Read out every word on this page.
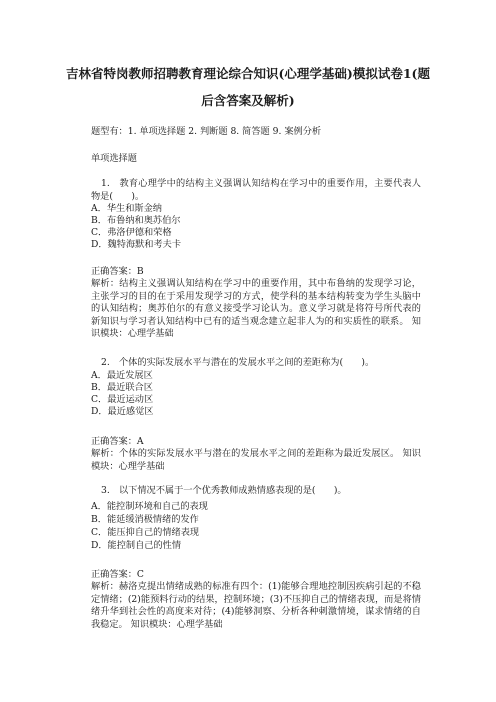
吉林省特岗教师招聘教育理论综合知识(心理学基础)模拟试卷1(题
后含答案及解析)
题型有：1. 单项选择题 2. 判断题 8. 简答题 9. 案例分析
单项选择题
1.　教育心理学中的结构主义强调认知结构在学习中的重要作用，主要代表人物是(　　)。
A．华生和斯金纳
B．布鲁纳和奥苏伯尔
C．弗洛伊德和荣格
D．魏特海默和考夫卡
正确答案：B
解析：结构主义强调认知结构在学习中的重要作用，其中布鲁纳的发现学习论，主张学习的目的在于采用发现学习的方式，使学科的基本结构转变为学生头脑中的认知结构；奥苏伯尔的有意义接受学习论认为。意义学习就是将符号所代表的新知识与学习者认知结构中已有的适当观念建立起非人为的和实质性的联系。 知识模块：心理学基础
2.　个体的实际发展水平与潜在的发展水平之间的差距称为(　　)。
A．最近发展区
B．最近联合区
C．最近运动区
D．最近感觉区
正确答案：A
解析：个体的实际发展水平与潜在的发展水平之间的差距称为最近发展区。 知识模块：心理学基础
3.　以下情况不属于一个优秀教师成熟情感表现的是(　　)。
A．能控制环境和自己的表现
B．能延缓消极情绪的发作
C．能压抑自己的情绪表现
D．能控制自己的性情
正确答案：C
解析：赫洛克提出情绪成熟的标准有四个：(1)能够合理地控制因疾病引起的不稳定情绪；(2)能预料行动的结果，控制环境；(3)不压抑自己的情绪表现，而是将情绪升华到社会性的高度来对待；(4)能够洞察、分析各种刺激情境，谋求情绪的自我稳定。 知识模块：心理学基础
